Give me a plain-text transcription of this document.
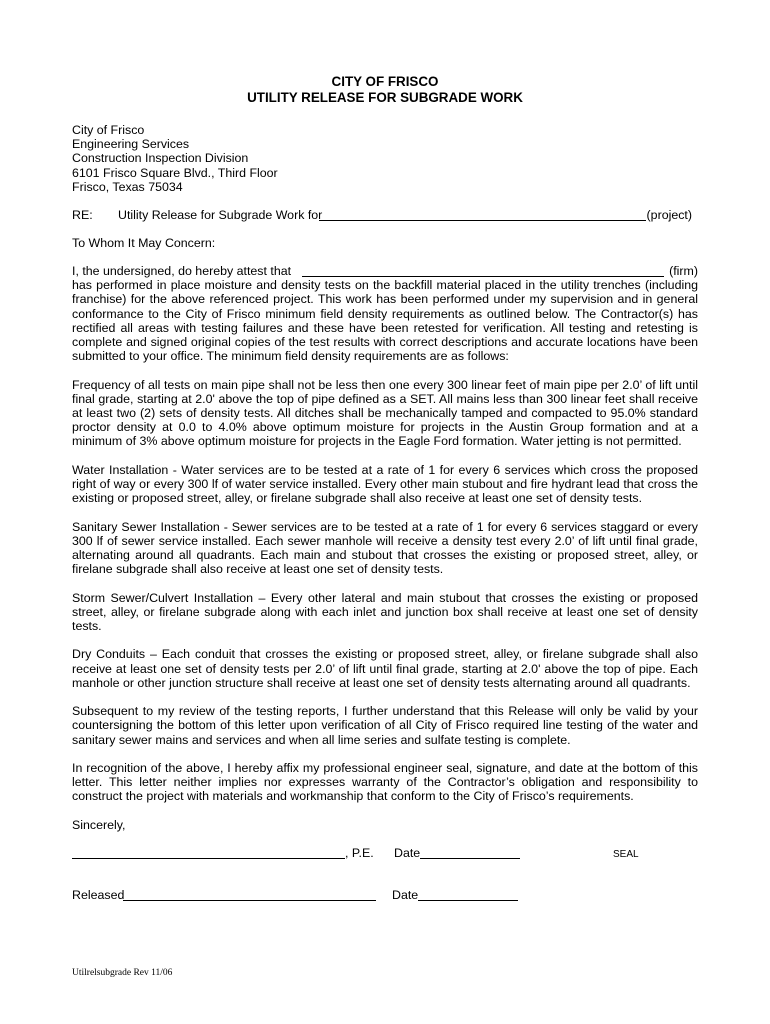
CITY OF FRISCO

UTILITY RELEASE FOR SUBGRADE WORK

City of Frisco

Engineering Services

Construction Inspection Division

6101 Frisco Square Blvd., Third Floor

Frisco, Texas 75034

RE: Utility Release for Subgrade Work for	(project)

To Whom It May Concern:

I, the undersigned, do hereby attest that	(firm)
has performed in place moisture and density tests on the backfill material placed in the utility trenches (including franchise) for the above referenced project. This work has been performed under my supervision and in general conformance to the City of Frisco minimum field density requirements as outlined below. The Contractor(s) has rectified all areas with testing failures and these have been retested for verification. All testing and retesting is complete and signed original copies of the test results with correct descriptions and accurate locations have been submitted to your office. The minimum field density requirements are as follows:

Frequency of all tests on main pipe shall not be less then one every 300 linear feet of main pipe per 2.0’ of lift until final grade, starting at 2.0' above the top of pipe defined as a SET. All mains less than 300 linear feet shall receive at least two (2) sets of density tests. All ditches shall be mechanically tamped and compacted to 95.0% standard proctor density at 0.0 to 4.0% above optimum moisture for projects in the Austin Group formation and at a minimum of 3% above optimum moisture for projects in the Eagle Ford formation. Water jetting is not permitted.

Water Installation - Water services are to be tested at a rate of 1 for every 6 services which cross the proposed right of way or every 300 lf of water service installed. Every other main stubout and fire hydrant lead that cross the existing or proposed street, alley, or firelane subgrade shall also receive at least one set of density tests.

Sanitary Sewer Installation - Sewer services are to be tested at a rate of 1 for every 6 services staggard or every 300 lf of sewer service installed. Each sewer manhole will receive a density test every 2.0’ of lift until final grade, alternating around all quadrants. Each main and stubout that crosses the existing or proposed street, alley, or firelane subgrade shall also receive at least one set of density tests.

Storm Sewer/Culvert Installation – Every other lateral and main stubout that crosses the existing or proposed street, alley, or firelane subgrade along with each inlet and junction box shall receive at least one set of density tests.

Dry Conduits – Each conduit that crosses the existing or proposed street, alley, or firelane subgrade shall also receive at least one set of density tests per 2.0’ of lift until final grade, starting at 2.0' above the top of pipe. Each manhole or other junction structure shall receive at least one set of density tests alternating around all quadrants.

Subsequent to my review of the testing reports, I further understand that this Release will only be valid by your countersigning the bottom of this letter upon verification of all City of Frisco required line testing of the water and sanitary sewer mains and services and when all lime series and sulfate testing is complete.

In recognition of the above, I hereby affix my professional engineer seal, signature, and date at the bottom of this letter. This letter neither implies nor expresses warranty of the Contractor’s obligation and responsibility to construct the project with materials and workmanship that conform to the City of Frisco’s requirements.

Sincerely,

, P.E. Date	SEAL
Released	Date
Utilrelsubgrade Rev 11/06
